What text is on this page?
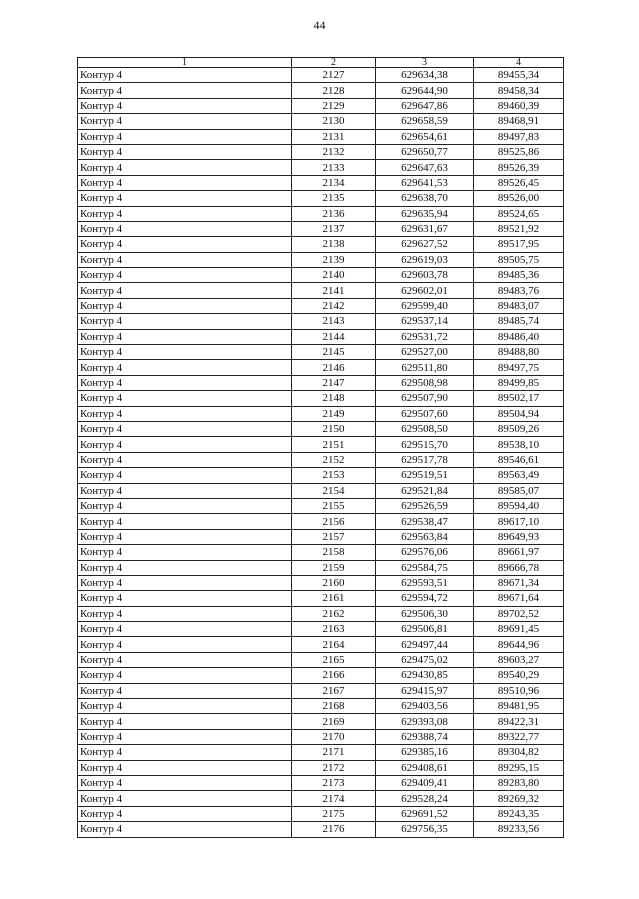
44
1	2	3	4
Контур 4	2127	629634,38	89455,34
Контур 4	2128	629644,90	89458,34
Контур 4	2129	629647,86	89460,39
Контур 4	2130	629658,59	89468,91
Контур 4	2131	629654,61	89497,83
Контур 4	2132	629650,77	89525,86
Контур 4	2133	629647,63	89526,39
Контур 4	2134	629641,53	89526,45
Контур 4	2135	629638,70	89526,00
Контур 4	2136	629635,94	89524,65
Контур 4	2137	629631,67	89521,92
Контур 4	2138	629627,52	89517,95
Контур 4	2139	629619,03	89505,75
Контур 4	2140	629603,78	89485,36
Контур 4	2141	629602,01	89483,76
Контур 4	2142	629599,40	89483,07
Контур 4	2143	629537,14	89485,74
Контур 4	2144	629531,72	89486,40
Контур 4	2145	629527,00	89488,80
Контур 4	2146	629511,80	89497,75
Контур 4	2147	629508,98	89499,85
Контур 4	2148	629507,90	89502,17
Контур 4	2149	629507,60	89504,94
Контур 4	2150	629508,50	89509,26
Контур 4	2151	629515,70	89538,10
Контур 4	2152	629517,78	89546,61
Контур 4	2153	629519,51	89563,49
Контур 4	2154	629521,84	89585,07
Контур 4	2155	629526,59	89594,40
Контур 4	2156	629538,47	89617,10
Контур 4	2157	629563,84	89649,93
Контур 4	2158	629576,06	89661,97
Контур 4	2159	629584,75	89666,78
Контур 4	2160	629593,51	89671,34
Контур 4	2161	629594,72	89671,64
Контур 4	2162	629506,30	89702,52
Контур 4	2163	629506,81	89691,45
Контур 4	2164	629497,44	89644,96
Контур 4	2165	629475,02	89603,27
Контур 4	2166	629430,85	89540,29
Контур 4	2167	629415,97	89510,96
Контур 4	2168	629403,56	89481,95
Контур 4	2169	629393,08	89422,31
Контур 4	2170	629388,74	89322,77
Контур 4	2171	629385,16	89304,82
Контур 4	2172	629408,61	89295,15
Контур 4	2173	629409,41	89283,80
Контур 4	2174	629528,24	89269,32
Контур 4	2175	629691,52	89243,35
Контур 4	2176	629756,35	89233,56
